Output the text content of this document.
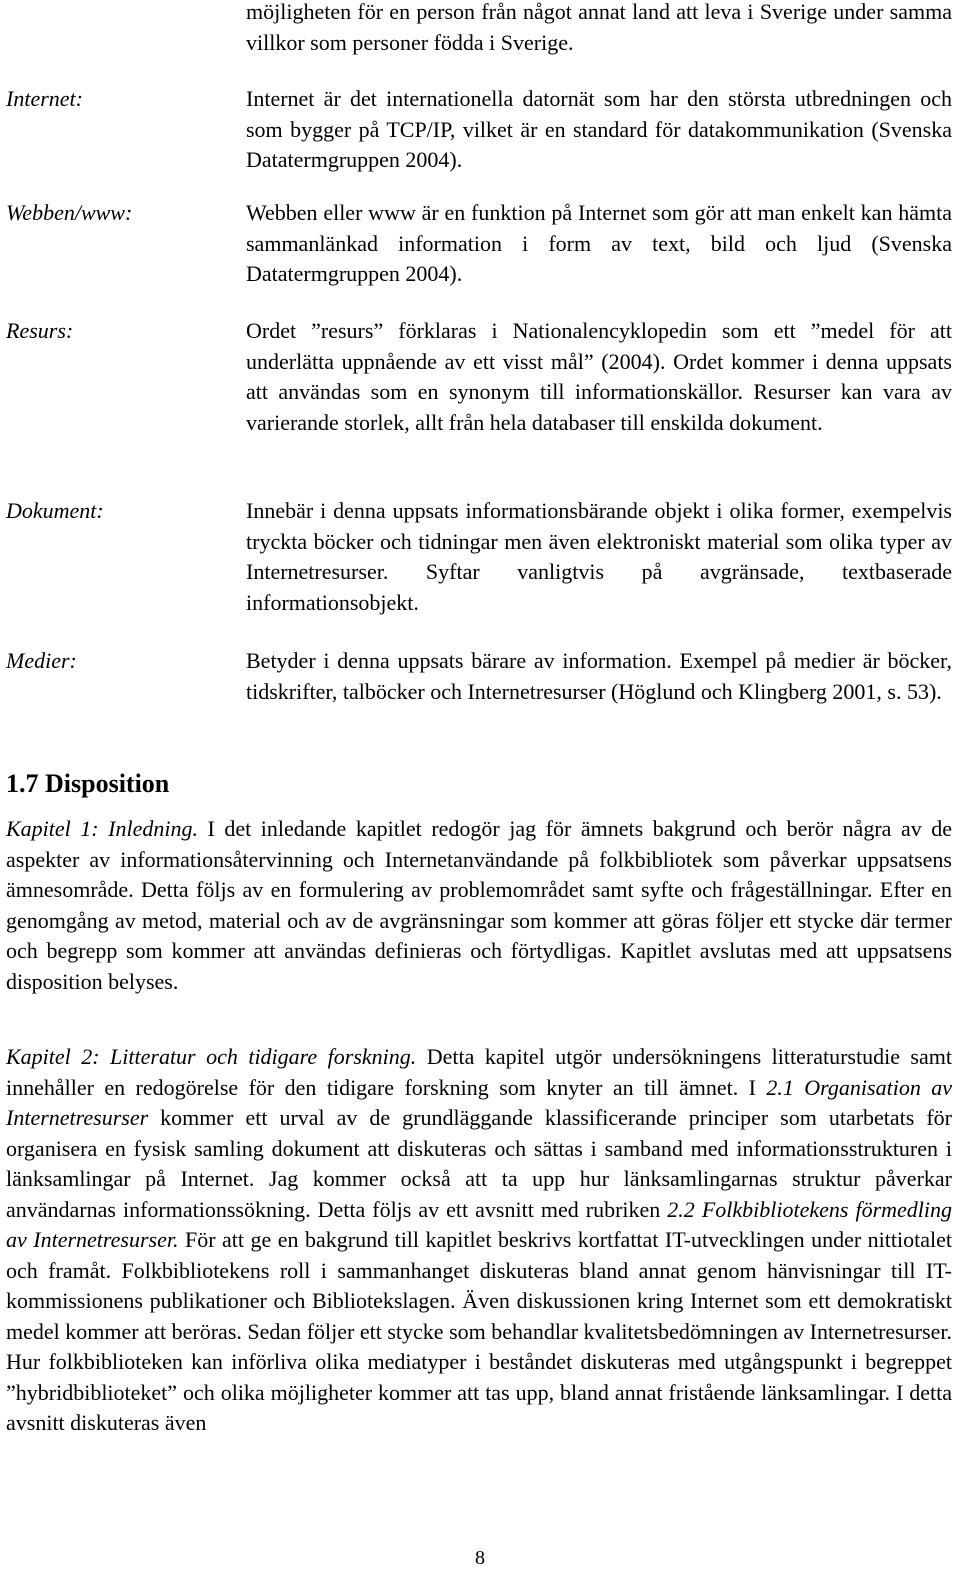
möjligheten för en person från något annat land att leva i Sverige under samma villkor som personer födda i Sverige.
Internet:	Internet är det internationella datornät som har den största utbredningen och som bygger på TCP/IP, vilket är en standard för datakommunikation (Svenska Datatermgruppen 2004).
Webben/www:	Webben eller www är en funktion på Internet som gör att man enkelt kan hämta sammanlänkad information i form av text, bild och ljud (Svenska Datatermgruppen 2004).
Resurs:	Ordet ”resurs” förklaras i Nationalencyklopedin som ett ”medel för att underlätta uppnående av ett visst mål” (2004). Ordet kommer i denna uppsats att användas som en synonym till informationskällor. Resurser kan vara av varierande storlek, allt från hela databaser till enskilda dokument.
Dokument:	Innebär i denna uppsats informationsbärande objekt i olika former, exempelvis tryckta böcker och tidningar men även elektroniskt material som olika typer av Internetresurser. Syftar vanligtvis på avgränsade, textbaserade informationsobjekt.
Medier:	Betyder i denna uppsats bärare av information. Exempel på medier är böcker, tidskrifter, talböcker och Internetresurser (Höglund och Klingberg 2001, s. 53).
1.7 Disposition
Kapitel 1: Inledning. I det inledande kapitlet redogör jag för ämnets bakgrund och berör några av de aspekter av informationsåtervinning och Internetanvändande på folkbibliotek som påverkar uppsatsens ämnesområde. Detta följs av en formulering av problemområdet samt syfte och frågeställningar. Efter en genomgång av metod, material och av de avgränsningar som kommer att göras följer ett stycke där termer och begrepp som kommer att användas definieras och förtydligas. Kapitlet avslutas med att uppsatsens disposition belyses.
Kapitel 2: Litteratur och tidigare forskning. Detta kapitel utgör undersökningens litteraturstudie samt innehåller en redogörelse för den tidigare forskning som knyter an till ämnet. I 2.1 Organisation av Internetresurser kommer ett urval av de grundläggande klassificerande principer som utarbetats för organisera en fysisk samling dokument att diskuteras och sättas i samband med informationsstrukturen i länksamlingar på Internet. Jag kommer också att ta upp hur länksamlingarnas struktur påverkar användarnas informationssökning. Detta följs av ett avsnitt med rubriken 2.2 Folkbibliotekens förmedling av Internetresurser. För att ge en bakgrund till kapitlet beskrivs kortfattat IT-utvecklingen under nittiotalet och framåt. Folkbibliotekens roll i sammanhanget diskuteras bland annat genom hänvisningar till IT-kommissionens publikationer och Bibliotekslagen. Även diskussionen kring Internet som ett demokratiskt medel kommer att beröras. Sedan följer ett stycke som behandlar kvalitetsbedömningen av Internetresurser. Hur folkbiblioteken kan införliva olika mediatyper i beståndet diskuteras med utgångspunkt i begreppet ”hybridbiblioteket” och olika möjligheter kommer att tas upp, bland annat fristående länksamlingar. I detta avsnitt diskuteras även
8
